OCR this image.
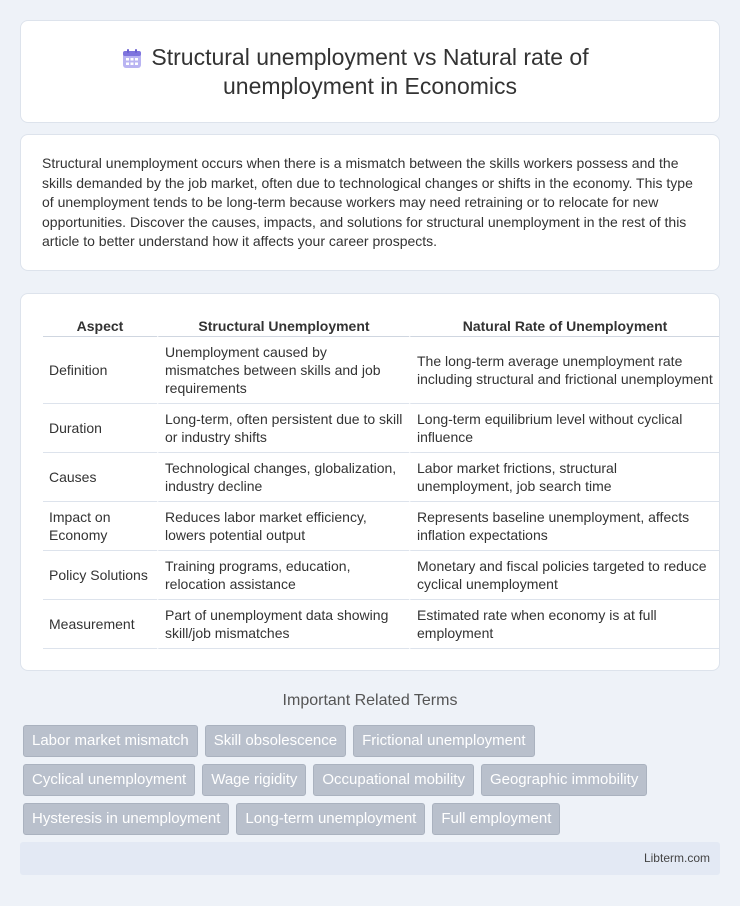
Structural unemployment vs Natural rate of unemployment in Economics

Structural unemployment occurs when there is a mismatch between the skills workers possess and the skills demanded by the job market, often due to technological changes or shifts in the economy. This type of unemployment tends to be long-term because workers may need retraining or to relocate for new opportunities. Discover the causes, impacts, and solutions for structural unemployment in the rest of this article to better understand how it affects your career prospects.

Aspect	Structural Unemployment	Natural Rate of Unemployment
Definition	Unemployment caused by mismatches between skills and job requirements	The long-term average unemployment rate including structural and frictional unemployment
Duration	Long-term, often persistent due to skill or industry shifts	Long-term equilibrium level without cyclical influence
Causes	Technological changes, globalization, industry decline	Labor market frictions, structural unemployment, job search time
Impact on Economy	Reduces labor market efficiency, lowers potential output	Represents baseline unemployment, affects inflation expectations
Policy Solutions	Training programs, education, relocation assistance	Monetary and fiscal policies targeted to reduce cyclical unemployment
Measurement	Part of unemployment data showing skill/job mismatches	Estimated rate when economy is at full employment
Important Related Terms
Labor market mismatch	Skill obsolescence	Frictional unemployment
Cyclical unemployment	Wage rigidity	Occupational mobility	Geographic immobility
Hysteresis in unemployment	Long-term unemployment	Full employment
Libterm.com
